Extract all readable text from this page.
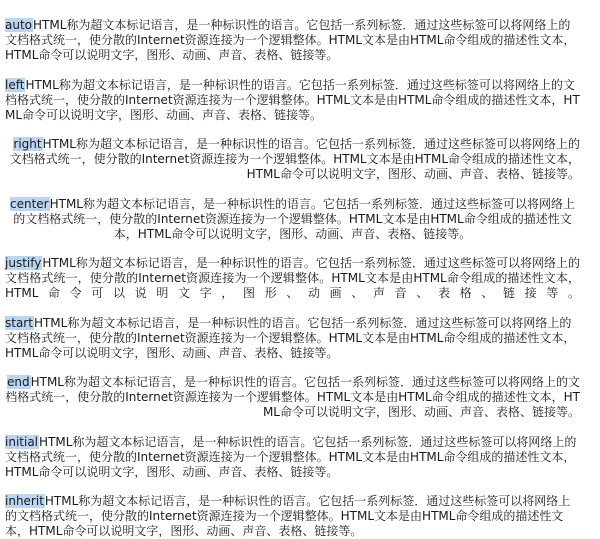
autoHTML称为超文本标记语言，是一种标识性的语言。它包括一系列标签．通过这些标签可以将网络上的文档格式统一，使分散的Internet资源连接为一个逻辑整体。HTML文本是由HTML命令组成的描述性文本，HTML命令可以说明文字，图形、动画、声音、表格、链接等。

leftHTML称为超文本标记语言，是一种标识性的语言。它包括一系列标签．通过这些标签可以将网络上的文档格式统一，使分散的Internet资源连接为一个逻辑整体。HTML文本是由HTML命令组成的描述性文本，HTML命令可以说明文字，图形、动画、声音、表格、链接等。

rightHTML称为超文本标记语言，是一种标识性的语言。它包括一系列标签．通过这些标签可以将网络上的文档格式统一，使分散的Internet资源连接为一个逻辑整体。HTML文本是由HTML命令组成的描述性文本，HTML命令可以说明文字，图形、动画、声音、表格、链接等。

centerHTML称为超文本标记语言，是一种标识性的语言。它包括一系列标签．通过这些标签可以将网络上的文档格式统一，使分散的Internet资源连接为一个逻辑整体。HTML文本是由HTML命令组成的描述性文本，HTML命令可以说明文字，图形、动画、声音、表格、链接等。

justifyHTML称为超文本标记语言，是一种标识性的语言。它包括一系列标签．通过这些标签可以将网络上的文档格式统一，使分散的Internet资源连接为一个逻辑整体。HTML文本是由HTML命令组成的描述性文本，HTML命令可以说明文字，图形、动画、声音、表格、链接等。

startHTML称为超文本标记语言，是一种标识性的语言。它包括一系列标签．通过这些标签可以将网络上的文档格式统一，使分散的Internet资源连接为一个逻辑整体。HTML文本是由HTML命令组成的描述性文本，HTML命令可以说明文字，图形、动画、声音、表格、链接等。

endHTML称为超文本标记语言，是一种标识性的语言。它包括一系列标签．通过这些标签可以将网络上的文档格式统一，使分散的Internet资源连接为一个逻辑整体。HTML文本是由HTML命令组成的描述性文本，HTML命令可以说明文字，图形、动画、声音、表格、链接等。

initialHTML称为超文本标记语言，是一种标识性的语言。它包括一系列标签．通过这些标签可以将网络上的文档格式统一，使分散的Internet资源连接为一个逻辑整体。HTML文本是由HTML命令组成的描述性文本，HTML命令可以说明文字，图形、动画、声音、表格、链接等。

inheritHTML称为超文本标记语言，是一种标识性的语言。它包括一系列标签．通过这些标签可以将网络上的文档格式统一，使分散的Internet资源连接为一个逻辑整体。HTML文本是由HTML命令组成的描述性文本，HTML命令可以说明文字，图形、动画、声音、表格、链接等。
